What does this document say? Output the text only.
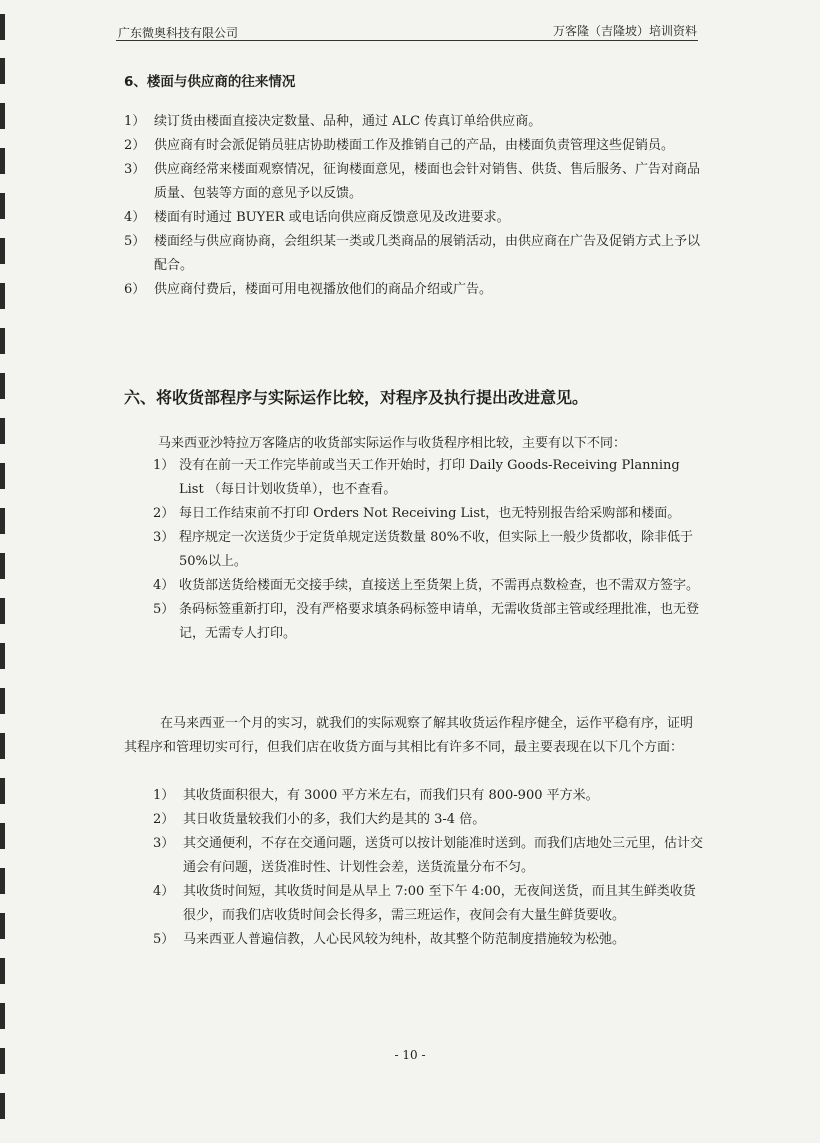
广东微奥科技有限公司	万客隆（吉隆坡）培训资料
6、楼面与供应商的往来情况
1） 续订货由楼面直接决定数量、品种，通过 ALC 传真订单给供应商。
2） 供应商有时会派促销员驻店协助楼面工作及推销自己的产品，由楼面负责管理这些促销员。
3） 供应商经常来楼面观察情况，征询楼面意见，楼面也会针对销售、供货、售后服务、广告对商品质量、包装等方面的意见予以反馈。
4） 楼面有时通过 BUYER 或电话向供应商反馈意见及改进要求。
5） 楼面经与供应商协商，会组织某一类或几类商品的展销活动，由供应商在广告及促销方式上予以配合。
6） 供应商付费后，楼面可用电视播放他们的商品介绍或广告。
六、将收货部程序与实际运作比较，对程序及执行提出改进意见。
马来西亚沙特拉万客隆店的收货部实际运作与收货程序相比较，主要有以下不同：
1） 没有在前一天工作完毕前或当天工作开始时，打印 Daily Goods-Receiving Planning List （每日计划收货单），也不查看。
2） 每日工作结束前不打印 Orders Not Receiving List，也无特别报告给采购部和楼面。
3） 程序规定一次送货少于定货单规定送货数量 80%不收，但实际上一般少货都收，除非低于 50%以上。
4） 收货部送货给楼面无交接手续，直接送上至货架上货，不需再点数检查，也不需双方签字。
5） 条码标签重新打印，没有严格要求填条码标签申请单，无需收货部主管或经理批准，也无登记，无需专人打印。
在马来西亚一个月的实习，就我们的实际观察了解其收货运作程序健全，运作平稳有序，证明其程序和管理切实可行，但我们店在收货方面与其相比有许多不同，最主要表现在以下几个方面：
1） 其收货面积很大，有 3000 平方米左右，而我们只有 800-900 平方米。
2） 其日收货量较我们小的多，我们大约是其的 3-4 倍。
3） 其交通便利，不存在交通问题，送货可以按计划能准时送到。而我们店地处三元里，估计交通会有问题，送货准时性、计划性会差，送货流量分布不匀。
4） 其收货时间短，其收货时间是从早上 7:00 至下午 4:00，无夜间送货，而且其生鲜类收货很少，而我们店收货时间会长得多，需三班运作，夜间会有大量生鲜货要收。
5） 马来西亚人普遍信教，人心民风较为纯朴，故其整个防范制度措施较为松弛。
- 10 -
